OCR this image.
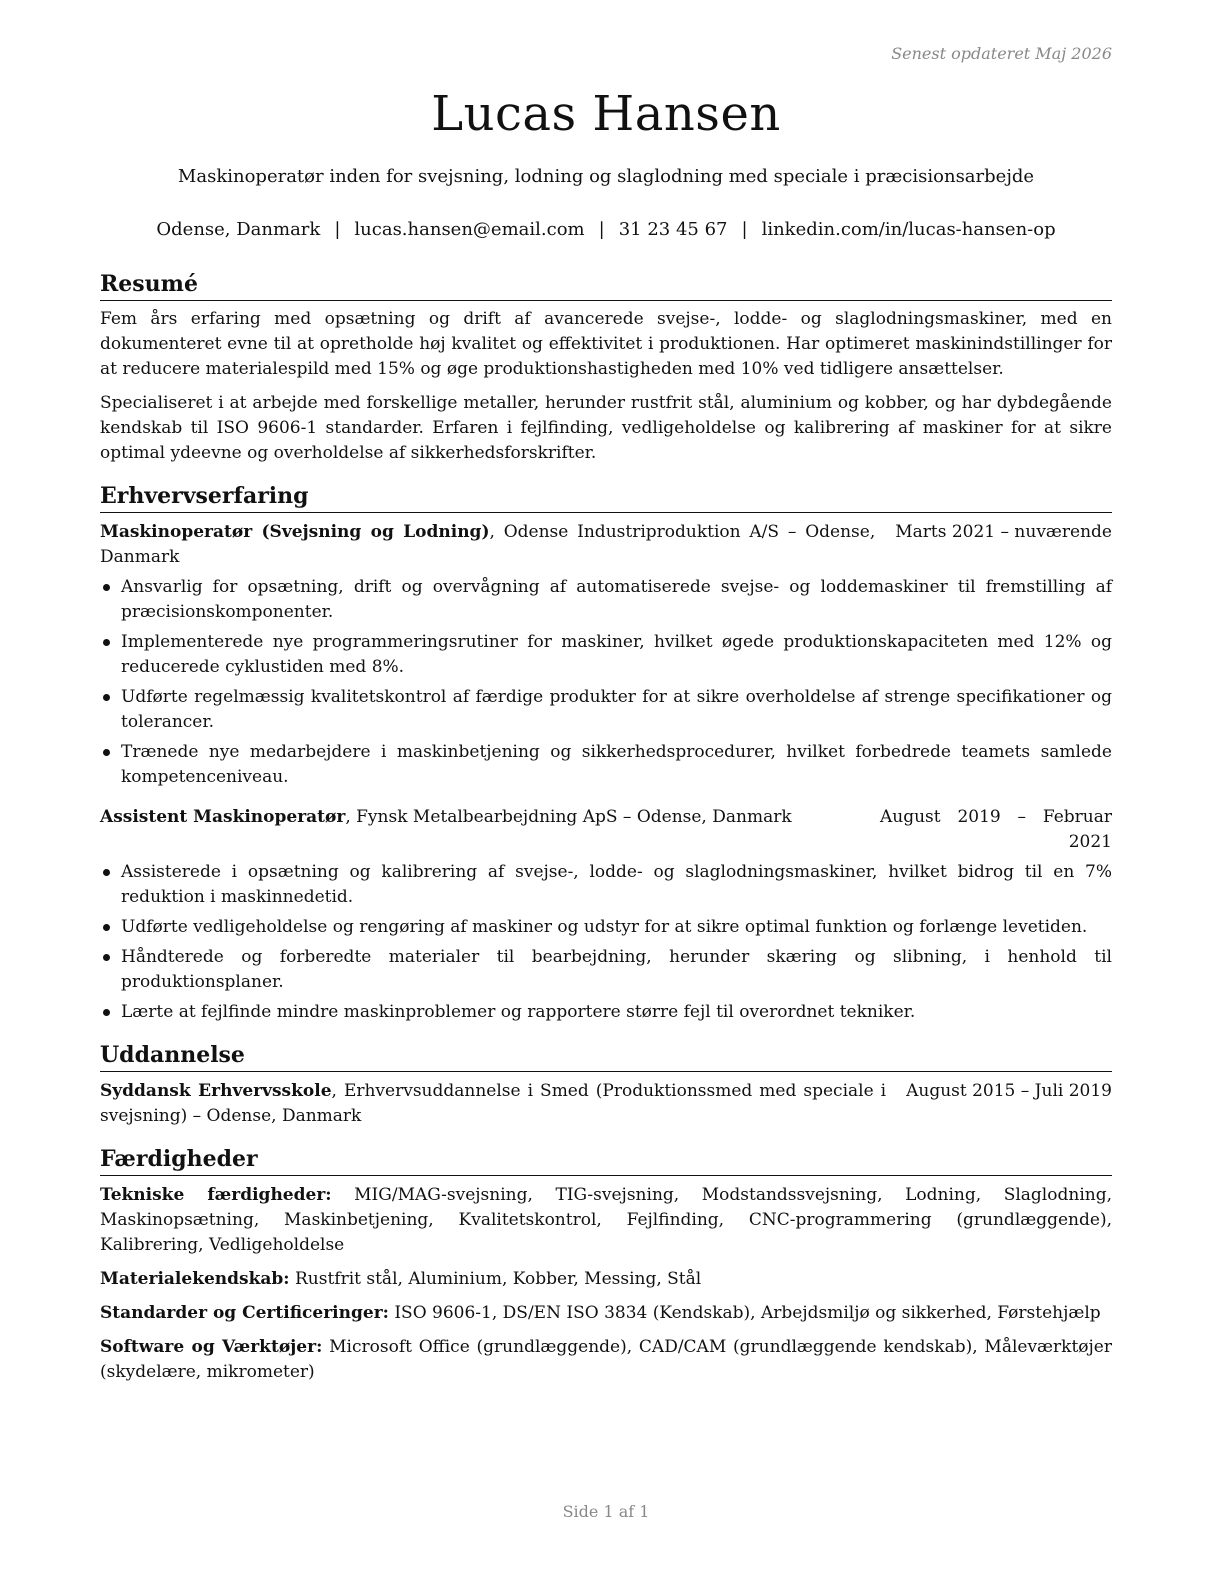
Senest opdateret Maj 2026
Lucas Hansen
Maskinoperatør inden for svejsning, lodning og slaglodning med speciale i præcisionsarbejde
Odense, Danmark | lucas.hansen@email.com | 31 23 45 67 | linkedin.com/in/lucas-hansen-op
Resumé

Fem års erfaring med opsætning og drift af avancerede svejse-, lodde- og slaglodningsmaskiner, med en dokumenteret evne til at opretholde høj kvalitet og effektivitet i produktionen. Har optimeret maskinindstillinger for at reducere materialespild med 15% og øge produktionshastigheden med 10% ved tidligere ansættelser.

Specialiseret i at arbejde med forskellige metaller, herunder rustfrit stål, aluminium og kobber, og har dybdegående kendskab til ISO 9606-1 standarder. Erfaren i fejlfinding, vedligeholdelse og kalibrering af maskiner for at sikre optimal ydeevne og overholdelse af sikkerhedsforskrifter.

Erhvervserfaring
Maskinoperatør (Svejsning og Lodning), Odense Industriproduktion A/S – Odense, Danmark
Marts 2021 – nuværende
Ansvarlig for opsætning, drift og overvågning af automatiserede svejse- og loddemaskiner til fremstilling af præcisionskomponenter.
Implementerede nye programmeringsrutiner for maskiner, hvilket øgede produktionskapaciteten med 12% og reducerede cyklustiden med 8%.
Udførte regelmæssig kvalitetskontrol af færdige produkter for at sikre overholdelse af strenge specifikationer og tolerancer.
Trænede nye medarbejdere i maskinbetjening og sikkerhedsprocedurer, hvilket forbedrede teamets samlede kompetenceniveau.
Assistent Maskinoperatør, Fynsk Metalbearbejdning ApS – Odense, Danmark	August 2019 – Februar 2021
Assisterede i opsætning og kalibrering af svejse-, lodde- og slaglodningsmaskiner, hvilket bidrog til en 7% reduktion i maskinnedetid.
Udførte vedligeholdelse og rengøring af maskiner og udstyr for at sikre optimal funktion og forlænge levetiden.
Håndterede og forberedte materialer til bearbejdning, herunder skæring og slibning, i henhold til produktionsplaner.
Lærte at fejlfinde mindre maskinproblemer og rapportere større fejl til overordnet tekniker.
Uddannelse
Syddansk Erhvervsskole, Erhvervsuddannelse i Smed (Produktionssmed med speciale i svejsning) – Odense, Danmark
August 2015 – Juli 2019
Færdigheder

Tekniske færdigheder: MIG/MAG-svejsning, TIG-svejsning, Modstandssvejsning, Lodning, Slaglodning, Maskinopsætning, Maskinbetjening, Kvalitetskontrol, Fejlfinding, CNC-programmering (grundlæggende), Kalibrering, Vedligeholdelse

Materialekendskab: Rustfrit stål, Aluminium, Kobber, Messing, Stål

Standarder og Certificeringer: ISO 9606-1, DS/EN ISO 3834 (Kendskab), Arbejdsmiljø og sikkerhed, Førstehjælp

Software og Værktøjer: Microsoft Office (grundlæggende), CAD/CAM (grundlæggende kendskab), Måleværktøjer (skydelære, mikrometer)

Side 1 af 1
